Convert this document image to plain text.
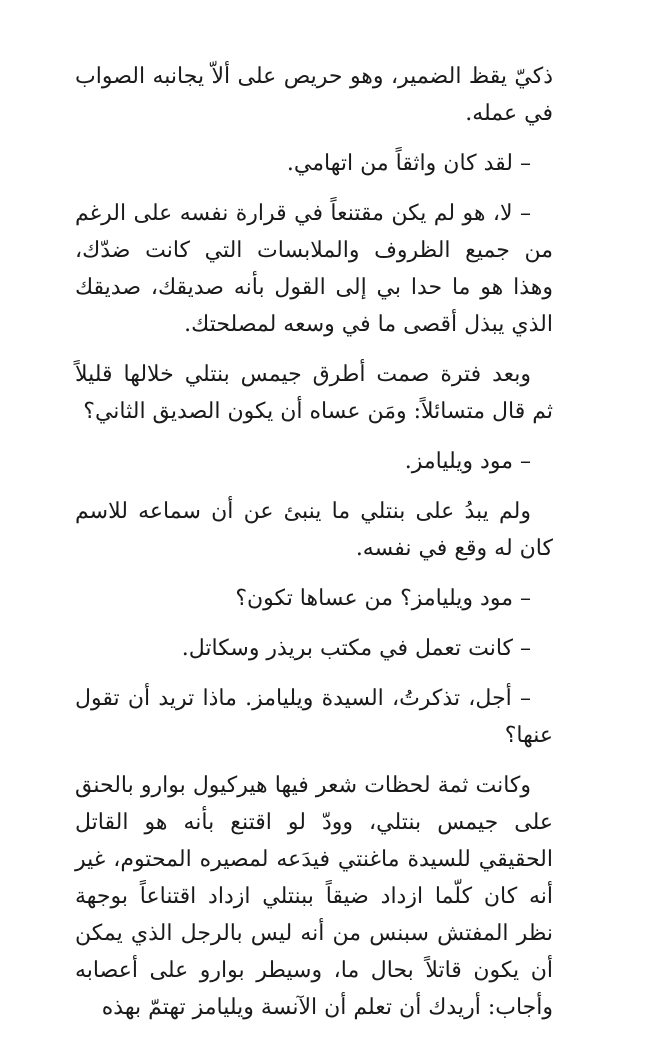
ذكيّ يقظ الضمير، وهو حريص على ألاّ يجانبه الصواب في عمله.

– لقد كان واثقاً من اتهامي.

– لا، هو لم يكن مقتنعاً في قرارة نفسه على الرغم من جميع الظروف والملابسات التي كانت ضدّك، وهذا هو ما حدا بي إلى القول بأنه صديقك، صديقك الذي يبذل أقصى ما في وسعه لمصلحتك.

وبعد فترة صمت أطرق جيمس بنتلي خلالها قليلاً ثم قال متسائلاً: ومَن عساه أن يكون الصديق الثاني؟

– مود ويليامز.

ولم يبدُ على بنتلي ما ينبئ عن أن سماعه للاسم كان له وقع في نفسه.

– مود ويليامز؟ من عساها تكون؟

– كانت تعمل في مكتب بريذر وسكاتل.

– أجل، تذكرتُ، السيدة ويليامز. ماذا تريد أن تقول عنها؟

وكانت ثمة لحظات شعر فيها هيركيول بوارو بالحنق على جيمس بنتلي، وودّ لو اقتنع بأنه هو القاتل الحقيقي للسيدة ماغنتي فيدَعه لمصيره المحتوم، غير أنه كان كلّما ازداد ضيقاً ببنتلي ازداد اقتناعاً بوجهة نظر المفتش سبنس من أنه ليس بالرجل الذي يمكن أن يكون قاتلاً بحال ما، وسيطر بوارو على أعصابه وأجاب: أريدك أن تعلم أن الآنسة ويليامز تهتمّ بهذه
